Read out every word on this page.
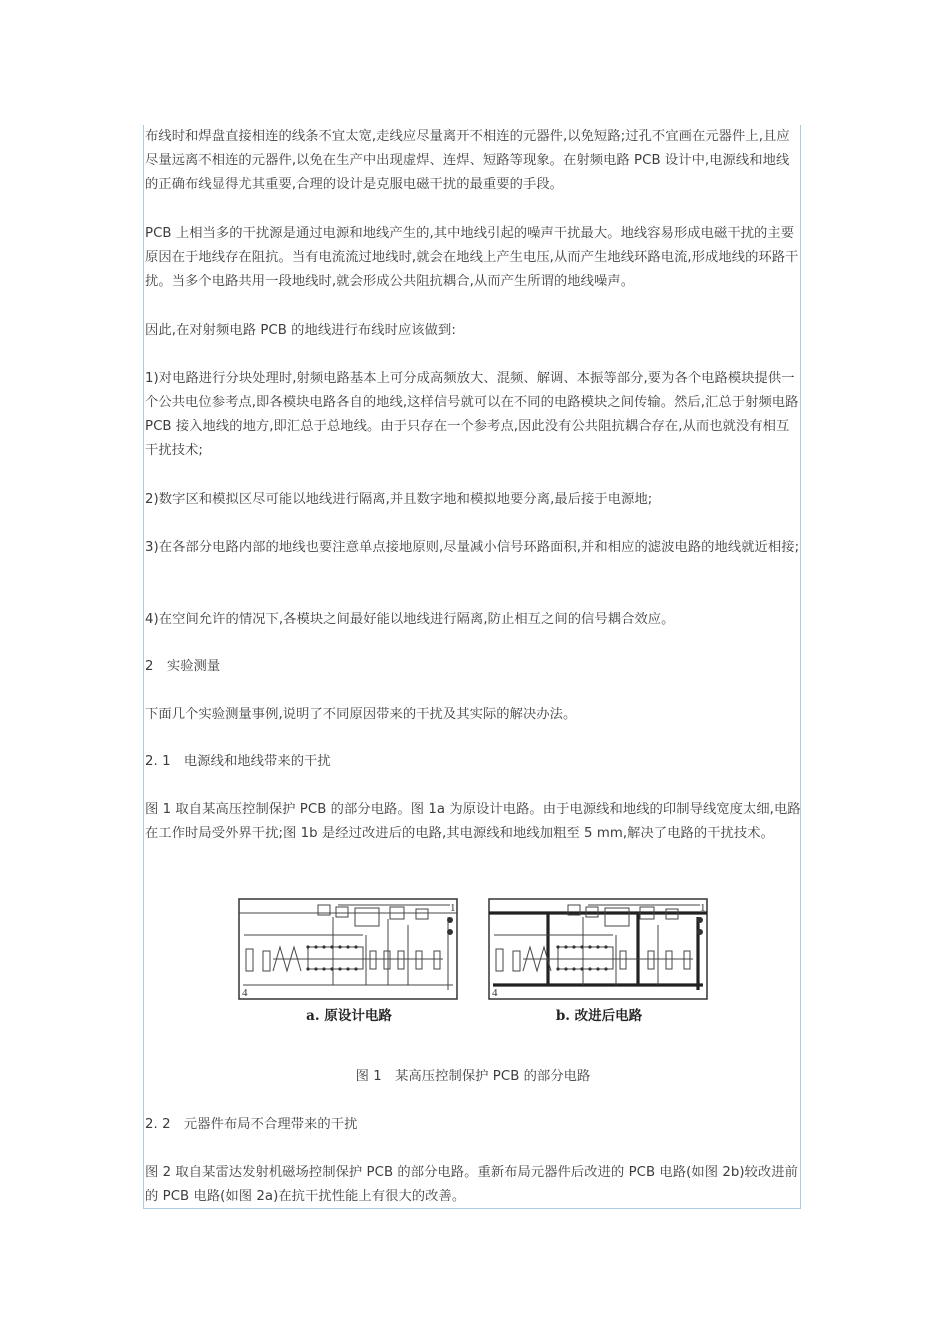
布线时和焊盘直接相连的线条不宜太宽,走线应尽量离开不相连的元器件,以免短路;过孔不宜画在元器件上,且应尽量远离不相连的元器件,以免在生产中出现虚焊、连焊、短路等现象。在射频电路 PCB 设计中,电源线和地线的正确布线显得尤其重要,合理的设计是克服电磁干扰的最重要的手段。

PCB 上相当多的干扰源是通过电源和地线产生的,其中地线引起的噪声干扰最大。地线容易形成电磁干扰的主要原因在于地线存在阻抗。当有电流流过地线时,就会在地线上产生电压,从而产生地线环路电流,形成地线的环路干扰。当多个电路共用一段地线时,就会形成公共阻抗耦合,从而产生所谓的地线噪声。

因此,在对射频电路 PCB 的地线进行布线时应该做到:

1)对电路进行分块处理时,射频电路基本上可分成高频放大、混频、解调、本振等部分,要为各个电路模块提供一个公共电位参考点,即各模块电路各自的地线,这样信号就可以在不同的电路模块之间传输。然后,汇总于射频电路 PCB 接入地线的地方,即汇总于总地线。由于只存在一个参考点,因此没有公共阻抗耦合存在,从而也就没有相互干扰技术;

2)数字区和模拟区尽可能以地线进行隔离,并且数字地和模拟地要分离,最后接于电源地;

3)在各部分电路内部的地线也要注意单点接地原则,尽量减小信号环路面积,并和相应的滤波电路的地线就近相接;

4)在空间允许的情况下,各模块之间最好能以地线进行隔离,防止相互之间的信号耦合效应。

2　实验测量

下面几个实验测量事例,说明了不同原因带来的干扰及其实际的解决办法。

2. 1　电源线和地线带来的干扰

图 1 取自某高压控制保护 PCB 的部分电路。图 1a 为原设计电路。由于电源线和地线的印制导线宽度太细,电路在工作时局受外界干扰;图 1b 是经过改进后的电路,其电源线和地线加粗至 5 mm,解决了电路的干扰技术。

1
4
a. 原设计电路
1
4
b. 改进后电路

图 1　某高压控制保护 PCB 的部分电路

2. 2　元器件布局不合理带来的干扰

图 2 取自某雷达发射机磁场控制保护 PCB 的部分电路。重新布局元器件后改进的 PCB 电路(如图 2b)较改进前的 PCB 电路(如图 2a)在抗干扰性能上有很大的改善。
